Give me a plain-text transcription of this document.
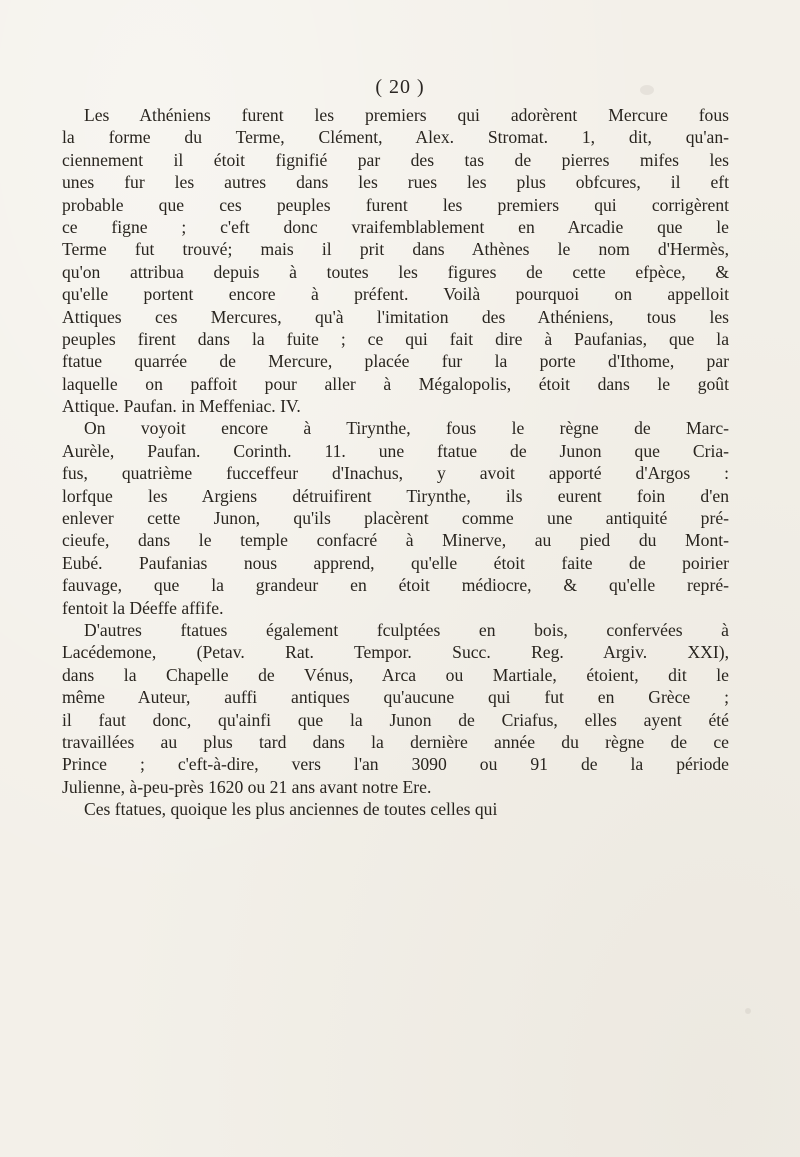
( 20 )
Les Athéniens furent les premiers qui adorèrent Mercure fous
la forme du Terme, Clément, Alex. Stromat. 1, dit, qu'an-
ciennement il étoit fignifié par des tas de pierres mifes les
unes fur les autres dans les rues les plus obfcures, il eft
probable que ces peuples furent les premiers qui corrigèrent
ce figne ; c'eft donc vraifemblablement en Arcadie que le
Terme fut trouvé; mais il prit dans Athènes le nom d'Hermès,
qu'on attribua depuis à toutes les figures de cette efpèce, &
qu'elle portent encore à préfent. Voilà pourquoi on appelloit
Attiques ces Mercures, qu'à l'imitation des Athéniens, tous les
peuples firent dans la fuite ; ce qui fait dire à Paufanias, que la
ftatue quarrée de Mercure, placée fur la porte d'Ithome, par
laquelle on paffoit pour aller à Mégalopolis, étoit dans le goût
Attique. Paufan. in Meffeniac. IV.
On voyoit encore à Tirynthe, fous le règne de Marc-
Aurèle, Paufan. Corinth. 11. une ftatue de Junon que Cria-
fus, quatrième fucceffeur d'Inachus, y avoit apporté d'Argos :
lorfque les Argiens détruifirent Tirynthe, ils eurent foin d'en
enlever cette Junon, qu'ils placèrent comme une antiquité pré-
cieufe, dans le temple confacré à Minerve, au pied du Mont-
Eubé. Paufanias nous apprend, qu'elle étoit faite de poirier
fauvage, que la grandeur en étoit médiocre, & qu'elle repré-
fentoit la Déeffe affife.
D'autres ftatues également fculptées en bois, confervées à
Lacédemone, (Petav. Rat. Tempor. Succ. Reg. Argiv. XXI),
dans la Chapelle de Vénus, Arca ou Martiale, étoient, dit le
même Auteur, auffi antiques qu'aucune qui fut en Grèce ;
il faut donc, qu'ainfi que la Junon de Criafus, elles ayent été
travaillées au plus tard dans la dernière année du règne de ce
Prince ; c'eft-à-dire, vers l'an 3090 ou 91 de la période
Julienne, à-peu-près 1620 ou 21 ans avant notre Ere.
Ces ftatues, quoique les plus anciennes de toutes celles qui
